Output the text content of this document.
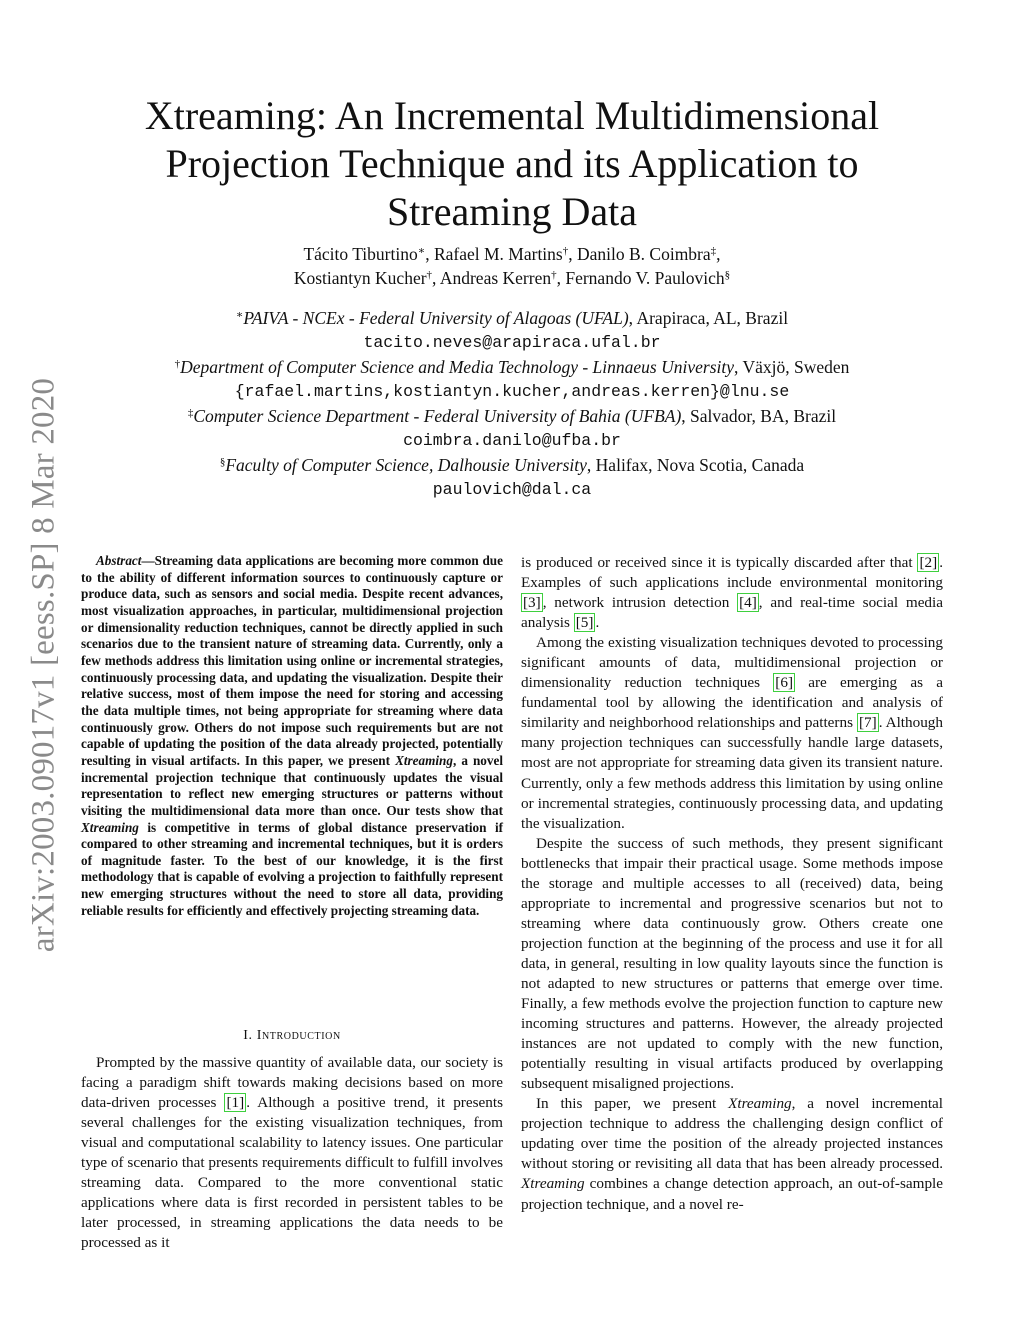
arXiv:2003.09017v1 [eess.SP] 8 Mar 2020
Xtreaming: An Incremental Multidimensional Projection Technique and its Application to Streaming Data
Tácito Tiburtino∗, Rafael M. Martins†, Danilo B. Coimbra‡,
Kostiantyn Kucher†, Andreas Kerren†, Fernando V. Paulovich§
∗PAIVA - NCEx - Federal University of Alagoas (UFAL), Arapiraca, AL, Brazil
tacito.neves@arapiraca.ufal.br
†Department of Computer Science and Media Technology - Linnaeus University, Växjö, Sweden
{rafael.martins,kostiantyn.kucher,andreas.kerren}@lnu.se
‡Computer Science Department - Federal University of Bahia (UFBA), Salvador, BA, Brazil
coimbra.danilo@ufba.br
§Faculty of Computer Science, Dalhousie University, Halifax, Nova Scotia, Canada
paulovich@dal.ca

Abstract—Streaming data applications are becoming more common due to the ability of different information sources to continuously capture or produce data, such as sensors and social media. Despite recent advances, most visualization approaches, in particular, multidimensional projection or dimensionality reduction techniques, cannot be directly applied in such scenarios due to the transient nature of streaming data. Currently, only a few methods address this limitation using online or incremental strategies, continuously processing data, and updating the visualization. Despite their relative success, most of them impose the need for storing and accessing the data multiple times, not being appropriate for streaming where data continuously grow. Others do not impose such requirements but are not capable of updating the position of the data already projected, potentially resulting in visual artifacts. In this paper, we present Xtreaming, a novel incremental projection technique that continuously updates the visual representation to reflect new emerging structures or patterns without visiting the multidimensional data more than once. Our tests show that Xtreaming is competitive in terms of global distance preservation if compared to other streaming and incremental techniques, but it is orders of magnitude faster. To the best of our knowledge, it is the first methodology that is capable of evolving a projection to faithfully represent new emerging structures without the need to store all data, providing reliable results for efficiently and effectively projecting streaming data.

I. Introduction

Prompted by the massive quantity of available data, our society is facing a paradigm shift towards making decisions based on more data-driven processes [1] . Although a positive trend, it presents several challenges for the existing visualization techniques, from visual and computational scalability to latency issues. One particular type of scenario that presents requirements difficult to fulfill involves streaming data. Compared to the more conventional static applications where data is first recorded in persistent tables to be later processed, in streaming applications the data needs to be processed as it

is produced or received since it is typically discarded after that [2] . Examples of such applications include environmental monitoring [3] , network intrusion detection [4] , and real-time social media analysis [5] .

Among the existing visualization techniques devoted to processing significant amounts of data, multidimensional projection or dimensionality reduction techniques [6] are emerging as a fundamental tool by allowing the identification and analysis of similarity and neighborhood relationships and patterns [7] . Although many projection techniques can successfully handle large datasets, most are not appropriate for streaming data given its transient nature. Currently, only a few methods address this limitation by using online or incremental strategies, continuously processing data, and updating the visualization.

Despite the success of such methods, they present significant bottlenecks that impair their practical usage. Some methods impose the storage and multiple accesses to all (received) data, being appropriate to incremental and progressive scenarios but not to streaming where data continuously grow. Others create one projection function at the beginning of the process and use it for all data, in general, resulting in low quality layouts since the function is not adapted to new structures or patterns that emerge over time. Finally, a few methods evolve the projection function to capture new incoming structures and patterns. However, the already projected instances are not updated to comply with the new function, potentially resulting in visual artifacts produced by overlapping subsequent misaligned projections.

In this paper, we present Xtreaming, a novel incremental projection technique to address the challenging design conflict of updating over time the position of the already projected instances without storing or revisiting all data that has been already processed. Xtreaming combines a change detection approach, an out-of-sample projection technique, and a novel re-
